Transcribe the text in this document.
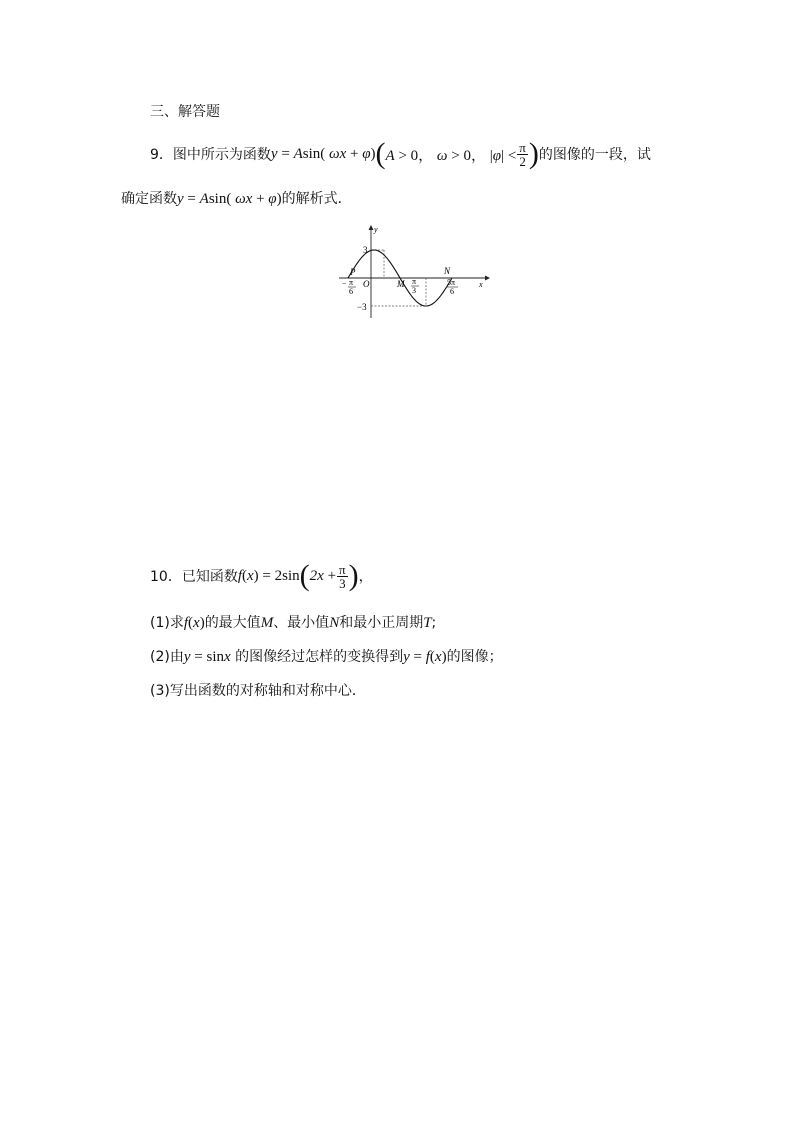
三、解答题
9． 图中所示为函数 y = Asin( ωx + φ) ( A > 0， ω > 0， $|\varphi| < \frac{\pi}{2}$ ) 的图像的一段，试
确定函数y = Asin( ωx + φ)的解析式．
y
x
3
−3
P
O	M
N
− π
6
π
3
5π
6
10． 已知函数 f(x) = 2sin ( $2x + \frac{\pi}{3}$ ) ，
(1)求f(x)的最大值M、最小值N和最小正周期T;
(2)由y = sinx 的图像经过怎样的变换得到y = f(x)的图像；
(3)写出函数的对称轴和对称中心．
